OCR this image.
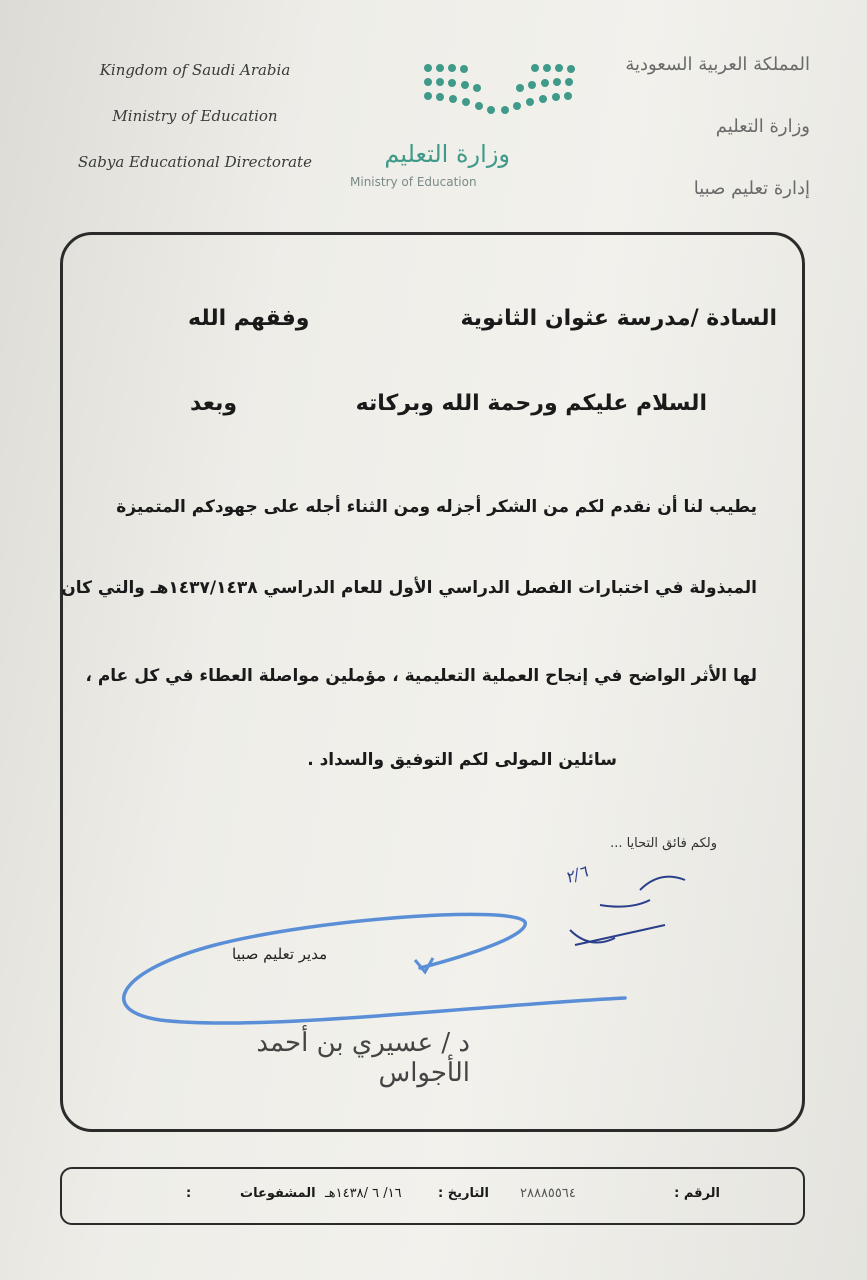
Kingdom of Saudi Arabia
Ministry of Education
Sabya Educational Directorate	وزارة التعليم
Ministry of Education
المملكة العربية السعودية
وزارة التعليم
إدارة تعليم صبيا
السادة /مدرسة عثوان الثانوية
وفقهم الله
السلام عليكم ورحمة الله وبركاته
وبعد
يطيب لنا أن نقدم لكم من الشكر أجزله ومن الثناء أجله على جهودكم المتميزة
المبذولة في اختبارات الفصل الدراسي الأول للعام الدراسي ١٤٣٧/١٤٣٨هـ والتي كان
لها الأثر الواضح في إنجاح العملية التعليمية ، مؤملين مواصلة العطاء في كل عام ،
سائلين المولى لكم التوفيق والسداد .
ولكم فائق التحايا ...
٢/٦
مدير تعليم صبيا
د / عسيري بن أحمد الأجواس
الرقم :
٢٨٨٨٥٥٦٤
التاريخ :
١٦/ ٦ /١٤٣٨هـ
المشفوعات
:
